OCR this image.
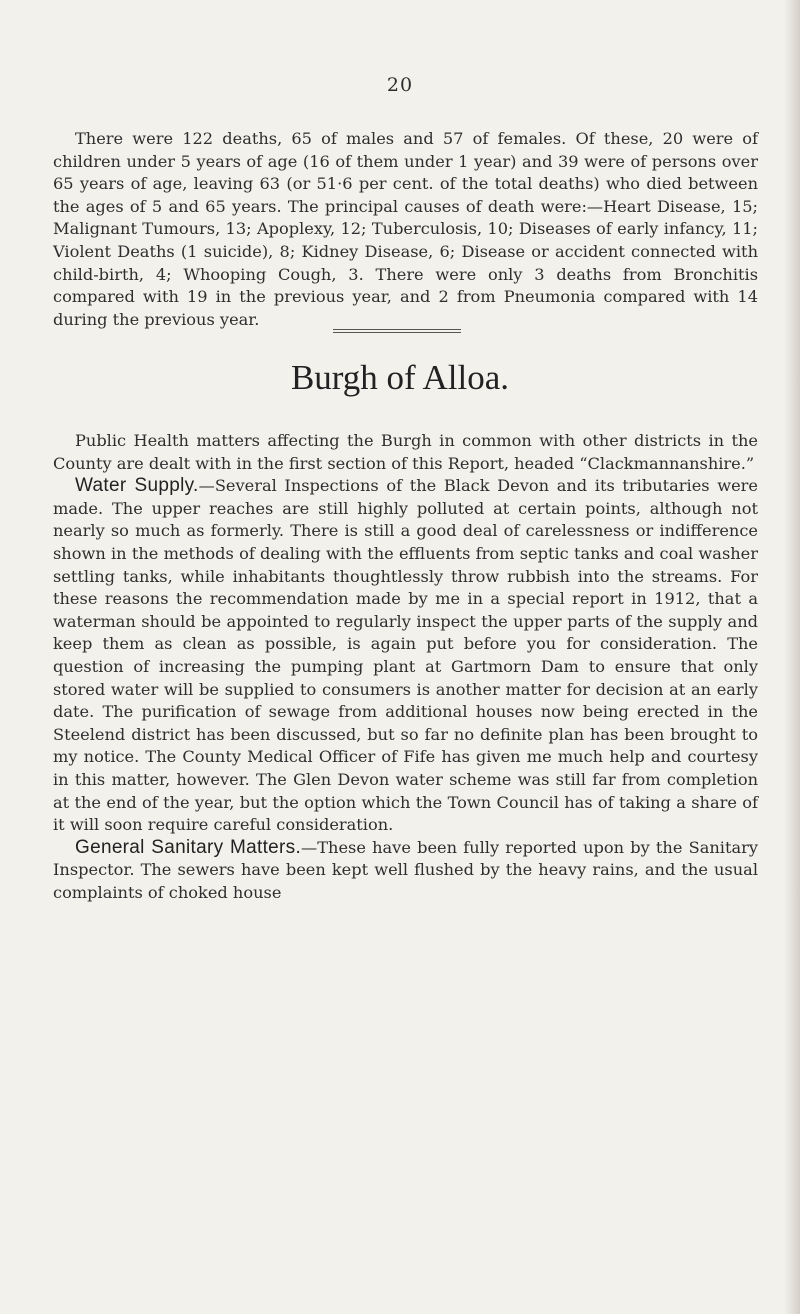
20

There were 122 deaths, 65 of males and 57 of females. Of these, 20 were of children under 5 years of age (16 of them under 1 year) and 39 were of persons over 65 years of age, leaving 63 (or 51·6 per cent. of the total deaths) who died between the ages of 5 and 65 years. The principal causes of death were:—Heart Disease, 15; Malignant Tumours, 13; Apoplexy, 12; Tuberculosis, 10; Diseases of early infancy, 11; Violent Deaths (1 suicide), 8; Kidney Disease, 6; Disease or accident connected with child-birth, 4; Whooping Cough, 3. There were only 3 deaths from Bronchitis compared with 19 in the previous year, and 2 from Pneumonia compared with 14 during the previous year.

Burgh of Alloa.

Public Health matters affecting the Burgh in common with other districts in the County are dealt with in the first section of this Report, headed “Clackmannanshire.”

Water Supply.—Several Inspections of the Black Devon and its tributaries were made. The upper reaches are still highly polluted at certain points, although not nearly so much as formerly. There is still a good deal of carelessness or indifference shown in the methods of dealing with the effluents from septic tanks and coal washer settling tanks, while inhabitants thoughtlessly throw rubbish into the streams. For these reasons the recommendation made by me in a special report in 1912, that a waterman should be appointed to regularly inspect the upper parts of the supply and keep them as clean as possible, is again put before you for consideration. The question of increasing the pumping plant at Gartmorn Dam to ensure that only stored water will be supplied to consumers is another matter for decision at an early date. The purification of sewage from additional houses now being erected in the Steelend district has been discussed, but so far no definite plan has been brought to my notice. The County Medical Officer of Fife has given me much help and courtesy in this matter, however. The Glen Devon water scheme was still far from completion at the end of the year, but the option which the Town Council has of taking a share of it will soon require careful consideration.

General Sanitary Matters.—These have been fully reported upon by the Sanitary Inspector. The sewers have been kept well flushed by the heavy rains, and the usual complaints of choked house
